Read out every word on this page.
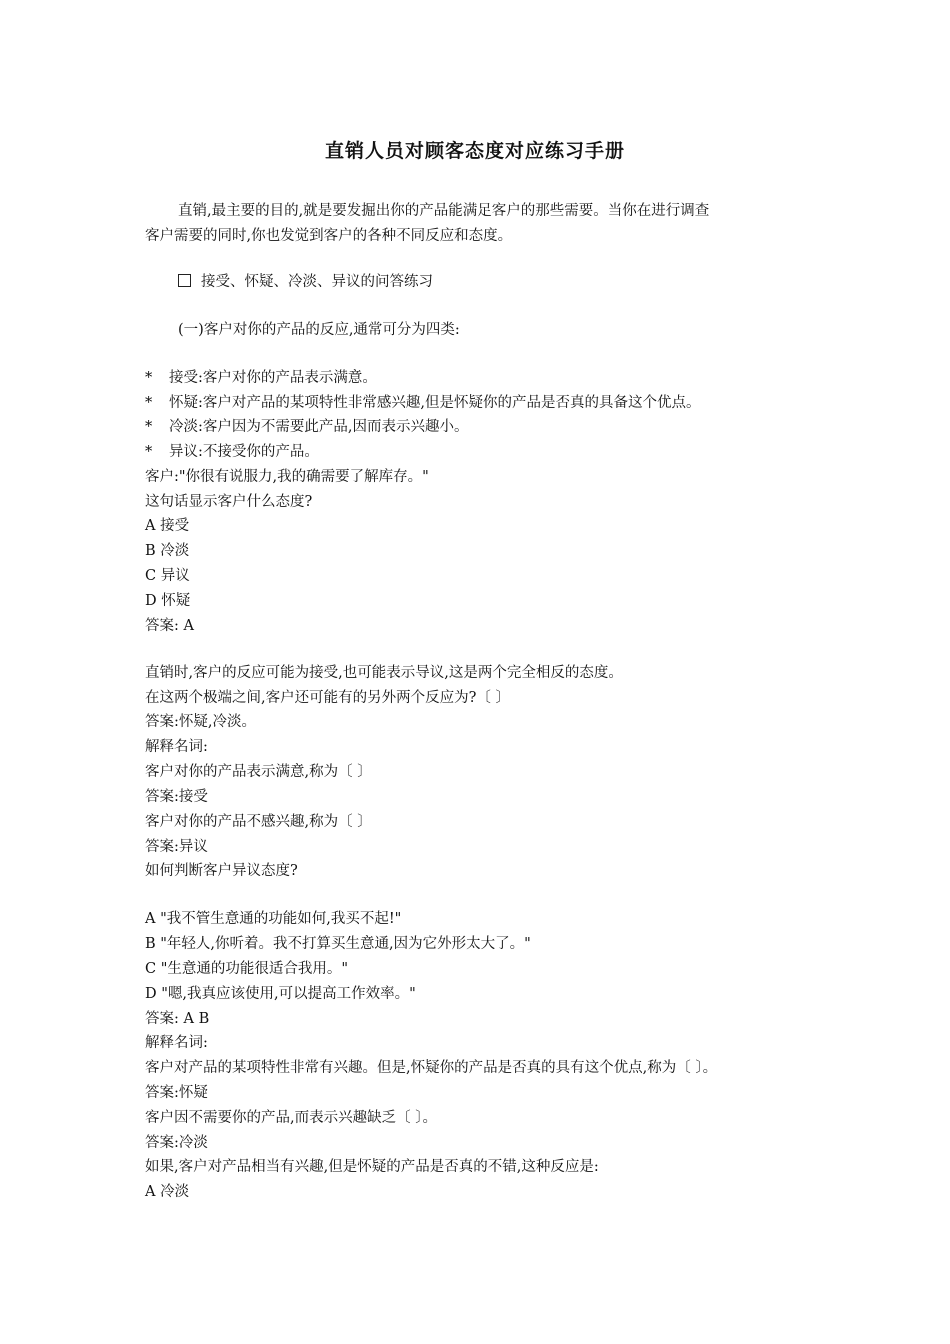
直销人员对顾客态度对应练习手册
直销,最主要的目的,就是要发掘出你的产品能满足客户的那些需要。当你在进行调查
客户需要的同时,你也发觉到客户的各种不同反应和态度。
接受、怀疑、冷淡、异议的问答练习
(一)客户对你的产品的反应,通常可分为四类:
* 接受:客户对你的产品表示满意。
* 怀疑:客户对产品的某项特性非常感兴趣,但是怀疑你的产品是否真的具备这个优点。
* 冷淡:客户因为不需要此产品,因而表示兴趣小。
* 异议:不接受你的产品。
客户:"你很有说服力,我的确需要了解库存。"
这句话显示客户什么态度?
A 接受
B 冷淡
C 异议
D 怀疑
答案: A
直销时,客户的反应可能为接受,也可能表示导议,这是两个完全相反的态度。
在这两个极端之间,客户还可能有的另外两个反应为?〔 〕
答案:怀疑,冷淡。
解释名词:
客户对你的产品表示满意,称为〔 〕
答案:接受
客户对你的产品不感兴趣,称为〔 〕
答案:异议
如何判断客户异议态度?
A "我不管生意通的功能如何,我买不起!"
B "年轻人,你听着。我不打算买生意通,因为它外形太大了。"
C "生意通的功能很适合我用。"
D "嗯,我真应该使用,可以提高工作效率。"
答案: A B
解释名词:
客户对产品的某项特性非常有兴趣。但是,怀疑你的产品是否真的具有这个优点,称为〔 〕。
答案:怀疑
客户因不需要你的产品,而表示兴趣缺乏〔 〕。
答案:冷淡
如果,客户对产品相当有兴趣,但是怀疑的产品是否真的不错,这种反应是:
A 冷淡
